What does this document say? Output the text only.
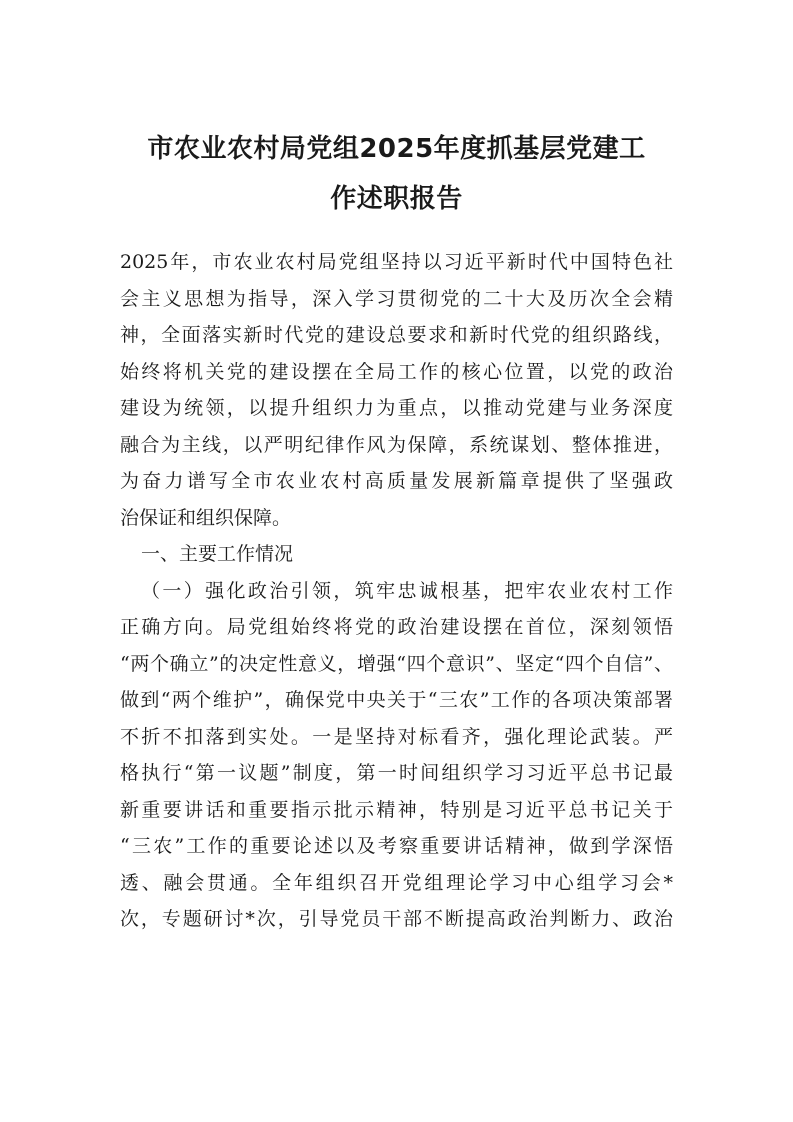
市农业农村局党组2025年度抓基层党建工
作述职报告
2025年，市农业农村局党组坚持以习近平新时代中国特色社
会主义思想为指导，深入学习贯彻党的二十大及历次全会精
神，全面落实新时代党的建设总要求和新时代党的组织路线，
始终将机关党的建设摆在全局工作的核心位置，以党的政治
建设为统领，以提升组织力为重点，以推动党建与业务深度
融合为主线，以严明纪律作风为保障，系统谋划、整体推进，
为奋力谱写全市农业农村高质量发展新篇章提供了坚强政
治保证和组织保障。
一、主要工作情况
（一）强化政治引领，筑牢忠诚根基，把牢农业农村工作
正确方向。局党组始终将党的政治建设摆在首位，深刻领悟
“两个确立”的决定性意义，增强“四个意识”、坚定“四个自信”、
做到“两个维护”，确保党中央关于“三农”工作的各项决策部署
不折不扣落到实处。一是坚持对标看齐，强化理论武装。严
格执行“第一议题”制度，第一时间组织学习习近平总书记最
新重要讲话和重要指示批示精神，特别是习近平总书记关于
“三农”工作的重要论述以及考察重要讲话精神，做到学深悟
透、融会贯通。全年组织召开党组理论学习中心组学习会*
次，专题研讨*次，引导党员干部不断提高政治判断力、政治
